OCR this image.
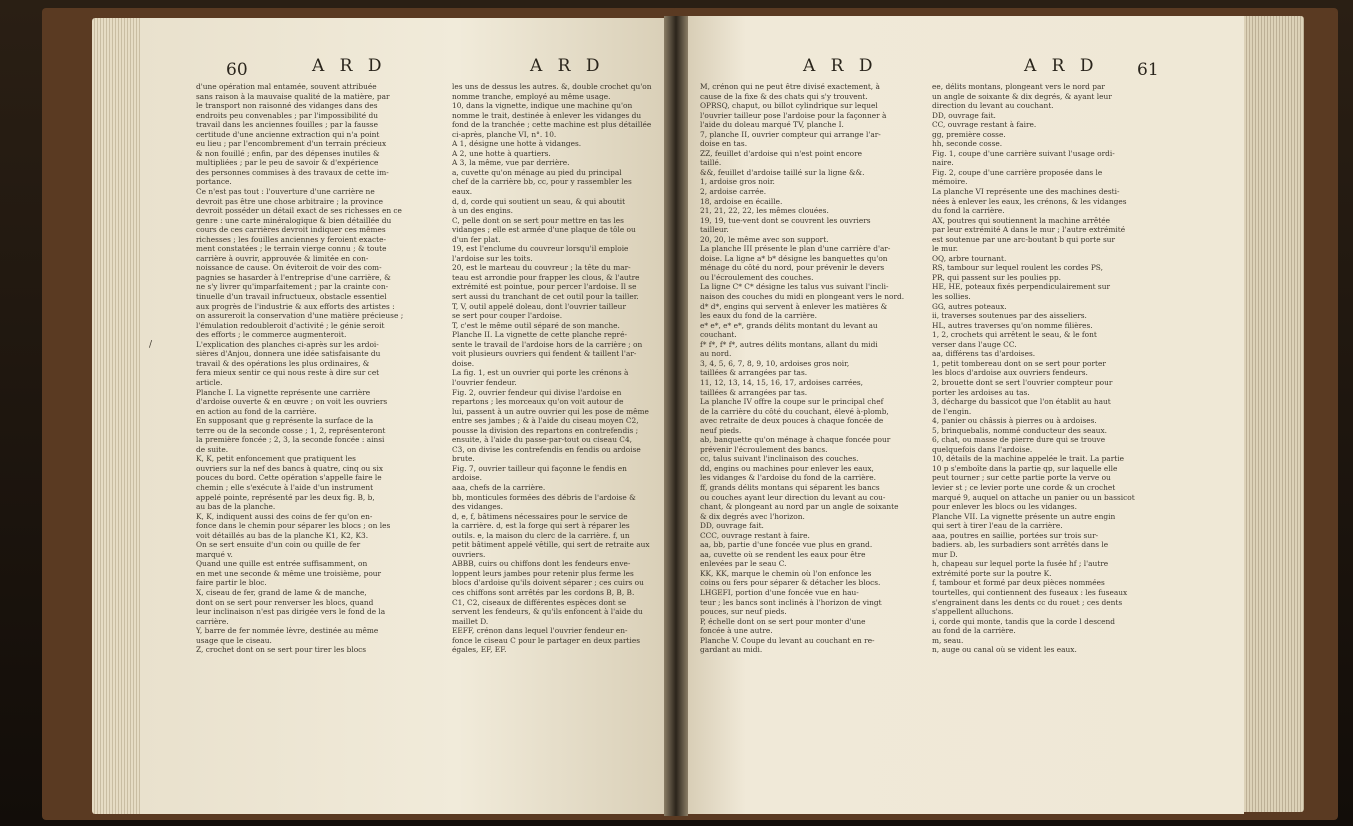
60	A R D	A R D	A R D	A R D 61
d'une opération mal entamée, souvent attribuée
sans raison à la mauvaise qualité de la matière, par
le transport non raisonné des vidanges dans des
endroits peu convenables ; par l'impossibilité du
travail dans les anciennes fouilles ; par la fausse
certitude d'une ancienne extraction qui n'a point
eu lieu ; par l'encombrement d'un terrain précieux
& non fouillé ; enfin, par des dépenses inutiles &
multipliées ; par le peu de savoir & d'expérience
des personnes commises à des travaux de cette im-
portance.
Ce n'est pas tout : l'ouverture d'une carrière ne
devroit pas être une chose arbitraire ; la province
devroit posséder un détail exact de ses richesses en ce
genre : une carte minéralogique & bien détaillée du
cours de ces carrières devroit indiquer ces mêmes
richesses ; les fouilles anciennes y feroient exacte-
ment constatées ; le terrain vierge connu ; & toute
carrière à ouvrir, approuvée & limitée en con-
noissance de cause. On éviteroit de voir des com-
pagnies se hasarder à l'entreprise d'une carrière, &
ne s'y livrer qu'imparfaitement ; par la crainte con-
tinuelle d'un travail infructueux, obstacle essentiel
aux progrès de l'industrie & aux efforts des artistes :
on assureroit la conservation d'une matière précieuse ;
l'émulation redoubleroit d'activité ; le génie seroit
des efforts ; le commerce augmenteroit.
L'explication des planches ci-après sur les ardoi-
sières d'Anjou, donnera une idée satisfaisante du
travail & des opérations les plus ordinaires, &
fera mieux sentir ce qui nous reste à dire sur cet
article.
Planche I. La vignette représente une carrière
d'ardoise ouverte & en œuvre ; on voit les ouvriers
en action au fond de la carrière.
En supposant que g représente la surface de la
terre ou de la seconde cosse ; 1, 2, représenteront
la première foncée ; 2, 3, la seconde foncée : ainsi
de suite.
K, K, petit enfoncement que pratiquent les
ouvriers sur la nef des bancs à quatre, cinq ou six
pouces du bord. Cette opération s'appelle faire le
chemin ; elle s'exécute à l'aide d'un instrument
appelé pointe, représenté par les deux fig. B, b,
au bas de la planche.
K, K, indiquent aussi des coins de fer qu'on en-
fonce dans le chemin pour séparer les blocs ; on les
voit détaillés au bas de la planche K1, K2, K3.
On se sert ensuite d'un coin ou quille de fer
marqué v.
Quand une quille est entrée suffisamment, on
en met une seconde & même une troisième, pour
faire partir le bloc.
X, ciseau de fer, grand de lame & de manche,
dont on se sert pour renverser les blocs, quand
leur inclinaison n'est pas dirigée vers le fond de la
carrière.
Y, barre de fer nommée lèvre, destinée au même
usage que le ciseau.
Z, crochet dont on se sert pour tirer les blocs
les uns de dessus les autres. &, double crochet qu'on
nomme tranche, employé au même usage.
10, dans la vignette, indique une machine qu'on
nomme le trait, destinée à enlever les vidanges du
fond de la tranchée ; cette machine est plus détaillée
ci-après, planche VI, n°. 10.
A 1, désigne une hotte à vidanges.
A 2, une hotte à quartiers.
A 3, la même, vue par derrière.
a, cuvette qu'on ménage au pied du principal
chef de la carrière bb, cc, pour y rassembler les
eaux.
d, d, corde qui soutient un seau, & qui aboutit
à un des engins.
C, pelle dont on se sert pour mettre en tas les
vidanges ; elle est armée d'une plaque de tôle ou
d'un fer plat.
19, est l'enclume du couvreur lorsqu'il emploie
l'ardoise sur les toits.
20, est le marteau du couvreur ; la tête du mar-
teau est arrondie pour frapper les clous, & l'autre
extrémité est pointue, pour percer l'ardoise. Il se
sert aussi du tranchant de cet outil pour la tailler.
T, V, outil appelé doleau, dont l'ouvrier tailleur
se sert pour couper l'ardoise.
T, c'est le même outil séparé de son manche.
Planche II. La vignette de cette planche repré-
sente le travail de l'ardoise hors de la carrière ; on
voit plusieurs ouvriers qui fendent & taillent l'ar-
doise.
La fig. 1, est un ouvrier qui porte les crénons à
l'ouvrier fendeur.
Fig. 2, ouvrier fendeur qui divise l'ardoise en
repartons ; les morceaux qu'on voit autour de
lui, passent à un autre ouvrier qui les pose de même
entre ses jambes ; & à l'aide du ciseau moyen C2,
pousse la division des repartons en contrefendis ;
ensuite, à l'aide du passe-par-tout ou ciseau C4,
C3, on divise les contrefendis en fendis ou ardoise
brute.
Fig. 7, ouvrier tailleur qui façonne le fendis en
ardoise.
aaa, chefs de la carrière.
bb, monticules formées des débris de l'ardoise &
des vidanges.
d, e, f, bâtimens nécessaires pour le service de
la carrière. d, est la forge qui sert à réparer les
outils. e, la maison du clerc de la carrière. f, un
petit bâtiment appelé vêtille, qui sert de retraite aux
ouvriers.
ABBB, cuirs ou chiffons dont les fendeurs enve-
loppent leurs jambes pour retenir plus ferme les
blocs d'ardoise qu'ils doivent séparer ; ces cuirs ou
ces chiffons sont arrêtés par les cordons B, B, B.
C1, C2, ciseaux de différentes espèces dont se
servent les fendeurs, & qu'ils enfoncent à l'aide du
maillet D.
EEFF, crénon dans lequel l'ouvrier fendeur en-
fonce le ciseau C pour le partager en deux parties
égales, EF, EF.
M, crénon qui ne peut être divisé exactement, à
cause de la fixe & des chats qui s'y trouvent.
OPRSQ, chaput, ou billot cylindrique sur lequel
l'ouvrier tailleur pose l'ardoise pour la façonner à
l'aide du doleau marqué TV, planche I.
7, planche II, ouvrier compteur qui arrange l'ar-
doise en tas.
ZZ, feuillet d'ardoise qui n'est point encore
taillé.
&&, feuillet d'ardoise taillé sur la ligne &&.
1, ardoise gros noir.
2, ardoise carrée.
18, ardoise en écaille.
21, 21, 22, 22, les mêmes clouées.
19, 19, tue-vent dont se couvrent les ouvriers
tailleur.
20, 20, le même avec son support.
La planche III présente le plan d'une carrière d'ar-
doise. La ligne a* b* désigne les banquettes qu'on
ménage du côté du nord, pour prévenir le devers
ou l'écroulement des couches.
La ligne C* C* désigne les talus vus suivant l'incli-
naison des couches du midi en plongeant vers le nord.
d* d*, engins qui servent à enlever les matières &
les eaux du fond de la carrière.
e* e*, e* e*, grands délits montant du levant au
couchant.
f* f*, f* f*, autres délits montans, allant du midi
au nord.
3, 4, 5, 6, 7, 8, 9, 10, ardoises gros noir,
taillées & arrangées par tas.
11, 12, 13, 14, 15, 16, 17, ardoises carrées,
taillées & arrangées par tas.
La planche IV offre la coupe sur le principal chef
de la carrière du côté du couchant, élevé à-plomb,
avec retraite de deux pouces à chaque foncée de
neuf pieds.
ab, banquette qu'on ménage à chaque foncée pour
prévenir l'écroulement des bancs.
cc, talus suivant l'inclinaison des couches.
dd, engins ou machines pour enlever les eaux,
les vidanges & l'ardoise du fond de la carrière.
ff, grands délits montans qui séparent les bancs
ou couches ayant leur direction du levant au cou-
chant, & plongeant au nord par un angle de soixante
& dix degrés avec l'horizon.
DD, ouvrage fait.
CCC, ouvrage restant à faire.
aa, bb, partie d'une foncée vue plus en grand.
aa, cuvette où se rendent les eaux pour être
enlevées par le seau C.
KK, KK, marque le chemin où l'on enfonce les
coins ou fers pour séparer & détacher les blocs.
LHGEFI, portion d'une foncée vue en hau-
teur ; les bancs sont inclinés à l'horizon de vingt
pouces, sur neuf pieds.
P, échelle dont on se sert pour monter d'une
foncée à une autre.
Planche V. Coupe du levant au couchant en re-
gardant au midi.
ee, délits montans, plongeant vers le nord par
un angle de soixante & dix degrés, & ayant leur
direction du levant au couchant.
DD, ouvrage fait.
CC, ouvrage restant à faire.
gg, première cosse.
hh, seconde cosse.
Fig. 1, coupe d'une carrière suivant l'usage ordi-
naire.
Fig. 2, coupe d'une carrière proposée dans le
mémoire.
La planche VI représente une des machines desti-
nées à enlever les eaux, les crénons, & les vidanges
du fond la carrière.
AX, poutres qui soutiennent la machine arrêtée
par leur extrémité A dans le mur ; l'autre extrémité
est soutenue par une arc-boutant b qui porte sur
le mur.
OQ, arbre tournant.
RS, tambour sur lequel roulent les cordes PS,
PR, qui passent sur les poulies pp.
HE, HE, poteaux fixés perpendiculairement sur
les sollies.
GG, autres poteaux.
ii, traverses soutenues par des aisseliers.
HL, autres traverses qu'on nomme filières.
1, 2, crochets qui arrêtent le seau, & le font
verser dans l'auge CC.
aa, différens tas d'ardoises.
1, petit tombereau dont on se sert pour porter
les blocs d'ardoise aux ouvriers fendeurs.
2, brouette dont se sert l'ouvrier compteur pour
porter les ardoises au tas.
3, décharge du bassicot que l'on établit au haut
de l'engin.
4, panier ou châssis à pierres ou à ardoises.
5, brinquebalis, nommé conducteur des seaux.
6, chat, ou masse de pierre dure qui se trouve
quelquefois dans l'ardoise.
10, détails de la machine appelée le trait. La partie
10 p s'emboîte dans la partie qp, sur laquelle elle
peut tourner ; sur cette partie porte la verve ou
levier st ; ce levier porte une corde & un crochet
marqué 9, auquel on attache un panier ou un bassicot
pour enlever les blocs ou les vidanges.
Planche VII. La vignette présente un autre engin
qui sert à tirer l'eau de la carrière.
aaa, poutres en saillie, portées sur trois sur-
badiers. ab, les surbadiers sont arrêtés dans le
mur D.
h, chapeau sur lequel porte la fusée hf ; l'autre
extrémité porte sur la poutre K.
f, tambour et formé par deux pièces nommées
tourtelles, qui contiennent des fuseaux : les fuseaux
s'engrainent dans les dents cc du rouet ; ces dents
s'appellent alluchons.
i, corde qui monte, tandis que la corde l descend
au fond de la carrière.
m, seau.
n, auge ou canal où se vident les eaux.
/
